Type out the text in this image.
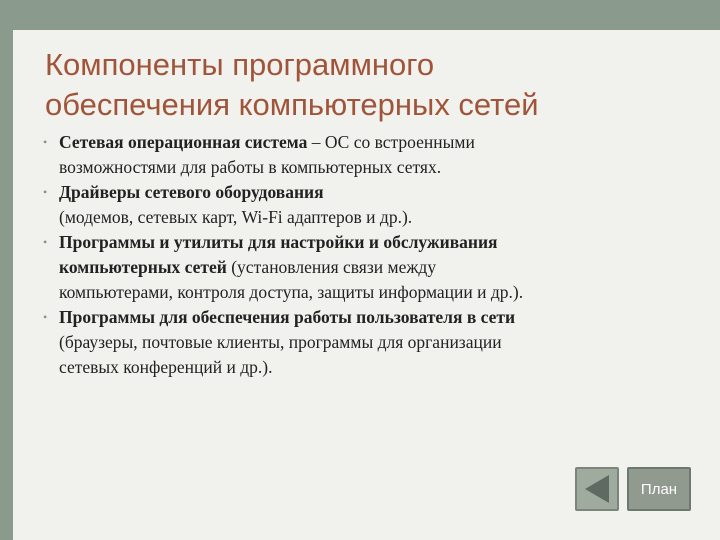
Компоненты программного
обеспечения компьютерных сетей
• Сетевая операционная система – ОС со встроенными
возможностями для работы в компьютерных сетях.
• Драйверы сетевого оборудования
(модемов, сетевых карт, Wi-Fi адаптеров и др.).
• Программы и утилиты для настройки и обслуживания
компьютерных сетей (установления связи между
компьютерами, контроля доступа, защиты информации и др.).
• Программы для обеспечения работы пользователя в сети
(браузеры, почтовые клиенты, программы для организации
сетевых конференций и др.).
План
